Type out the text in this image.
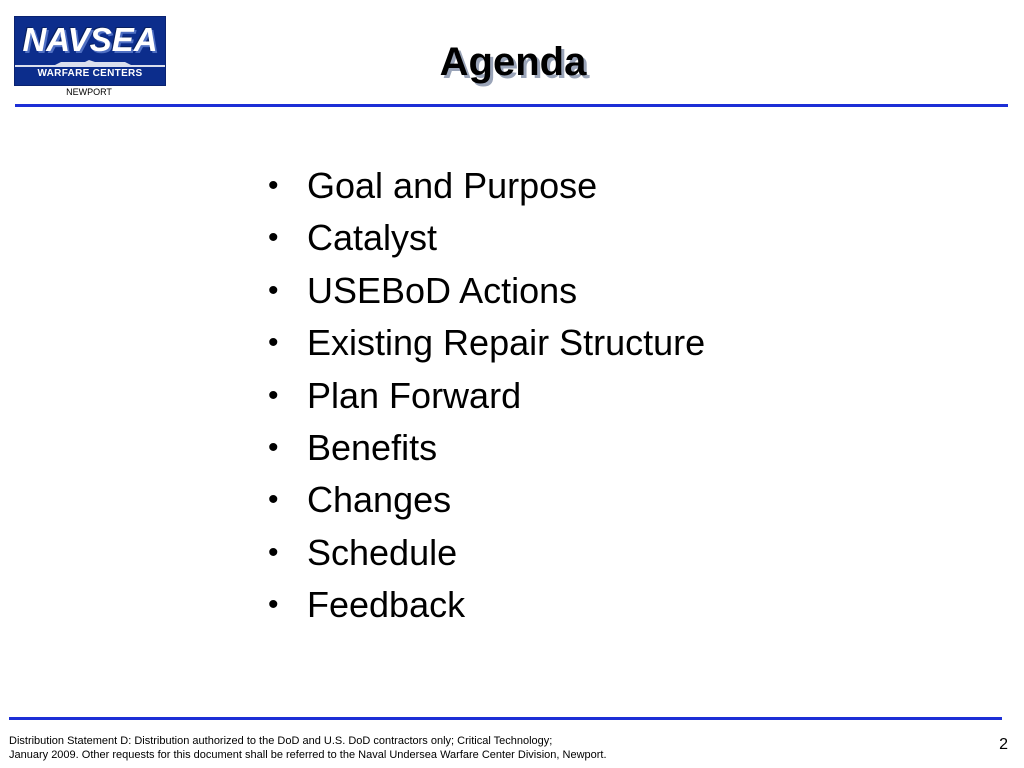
NAVSEA
WARFARE CENTERS
NEWPORT
Agenda
• Goal and Purpose
• Catalyst
• USEBoD Actions
• Existing Repair Structure
• Plan Forward
• Benefits
• Changes
• Schedule
• Feedback
Distribution Statement D: Distribution authorized to the DoD and U.S. DoD contractors only; Critical Technology;
January 2009. Other requests for this document shall be referred to the Naval Undersea Warfare Center Division, Newport.
2
